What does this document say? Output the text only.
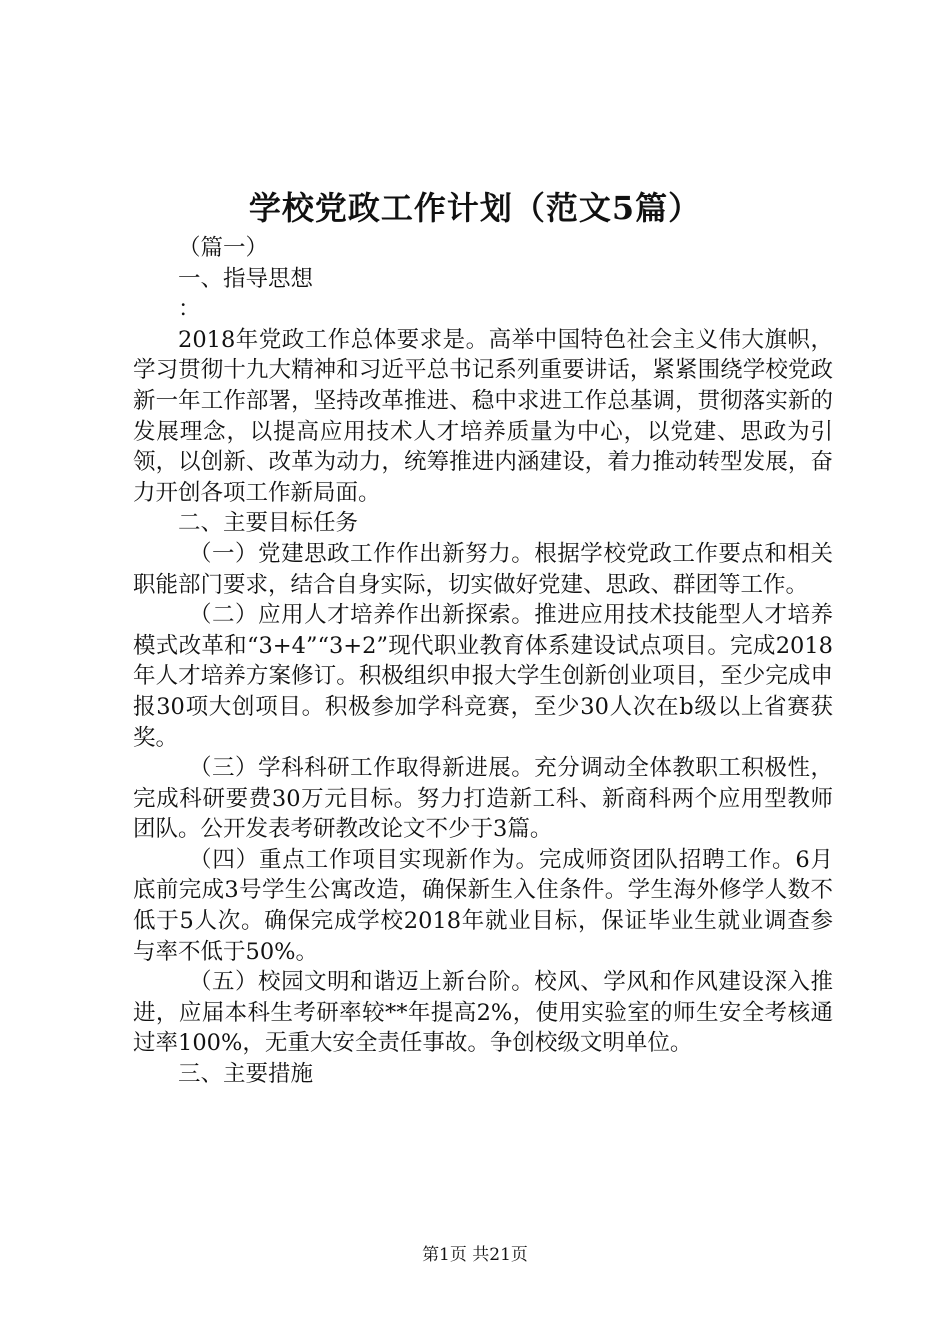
学校党政工作计划（范文5篇）

（篇一）

一、指导思想

：

2018年党政工作总体要求是。高举中国特色社会主义伟大旗帜，学习贯彻十九大精神和习近平总书记系列重要讲话，紧紧围绕学校党政新一年工作部署，坚持改革推进、稳中求进工作总基调，贯彻落实新的发展理念，以提高应用技术人才培养质量为中心，以党建、思政为引领，以创新、改革为动力，统筹推进内涵建设，着力推动转型发展，奋力开创各项工作新局面。

二、主要目标任务

（一）党建思政工作作出新努力。根据学校党政工作要点和相关职能部门要求，结合自身实际，切实做好党建、思政、群团等工作。

（二）应用人才培养作出新探索。推进应用技术技能型人才培养模式改革和“3+4”“3+2”现代职业教育体系建设试点项目。完成2018年人才培养方案修订。积极组织申报大学生创新创业项目，至少完成申报30项大创项目。积极参加学科竞赛，至少30人次在b级以上省赛获奖。

（三）学科科研工作取得新进展。充分调动全体教职工积极性，完成科研要费30万元目标。努力打造新工科、新商科两个应用型教师团队。公开发表考研教改论文不少于3篇。

（四）重点工作项目实现新作为。完成师资团队招聘工作。6月底前完成3号学生公寓改造，确保新生入住条件。学生海外修学人数不低于5人次。确保完成学校2018年就业目标，保证毕业生就业调查参与率不低于50%。

（五）校园文明和谐迈上新台阶。校风、学风和作风建设深入推进，应届本科生考研率较**年提高2%，使用实验室的师生安全考核通过率100%，无重大安全责任事故。争创校级文明单位。

三、主要措施

第1页 共21页
